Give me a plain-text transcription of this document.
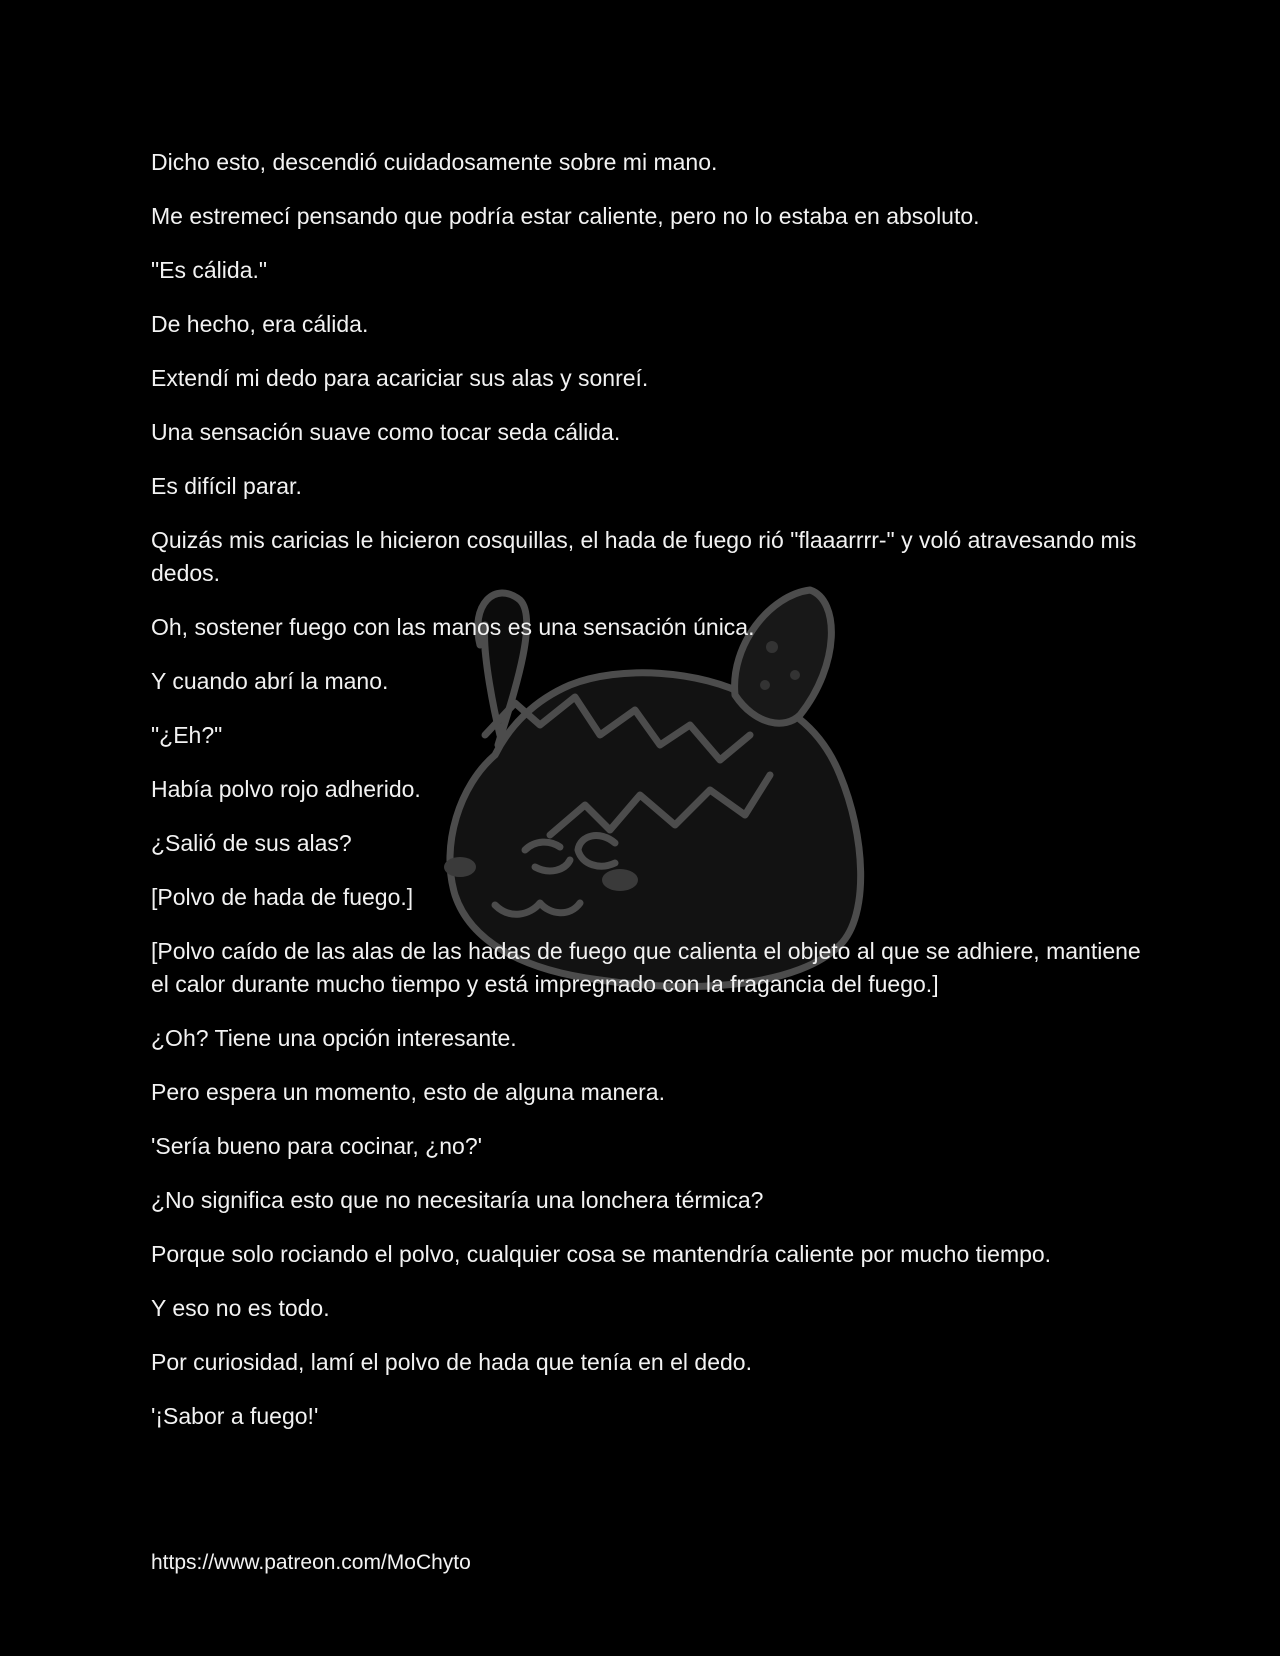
Dicho esto, descendió cuidadosamente sobre mi mano.

Me estremecí pensando que podría estar caliente, pero no lo estaba en absoluto.

"Es cálida."

De hecho, era cálida.

Extendí mi dedo para acariciar sus alas y sonreí.

Una sensación suave como tocar seda cálida.

Es difícil parar.

Quizás mis caricias le hicieron cosquillas, el hada de fuego rió "flaaarrrr-" y voló atravesando mis dedos.

Oh, sostener fuego con las manos es una sensación única.

Y cuando abrí la mano.

"¿Eh?"

Había polvo rojo adherido.

¿Salió de sus alas?

[Polvo de hada de fuego.]

[Polvo caído de las alas de las hadas de fuego que calienta el objeto al que se adhiere, mantiene el calor durante mucho tiempo y está impregnado con la fragancia del fuego.]

¿Oh? Tiene una opción interesante.

Pero espera un momento, esto de alguna manera.

'Sería bueno para cocinar, ¿no?'

¿No significa esto que no necesitaría una lonchera térmica?

Porque solo rociando el polvo, cualquier cosa se mantendría caliente por mucho tiempo.

Y eso no es todo.

Por curiosidad, lamí el polvo de hada que tenía en el dedo.

'¡Sabor a fuego!'

https://www.patreon.com/MoChyto
